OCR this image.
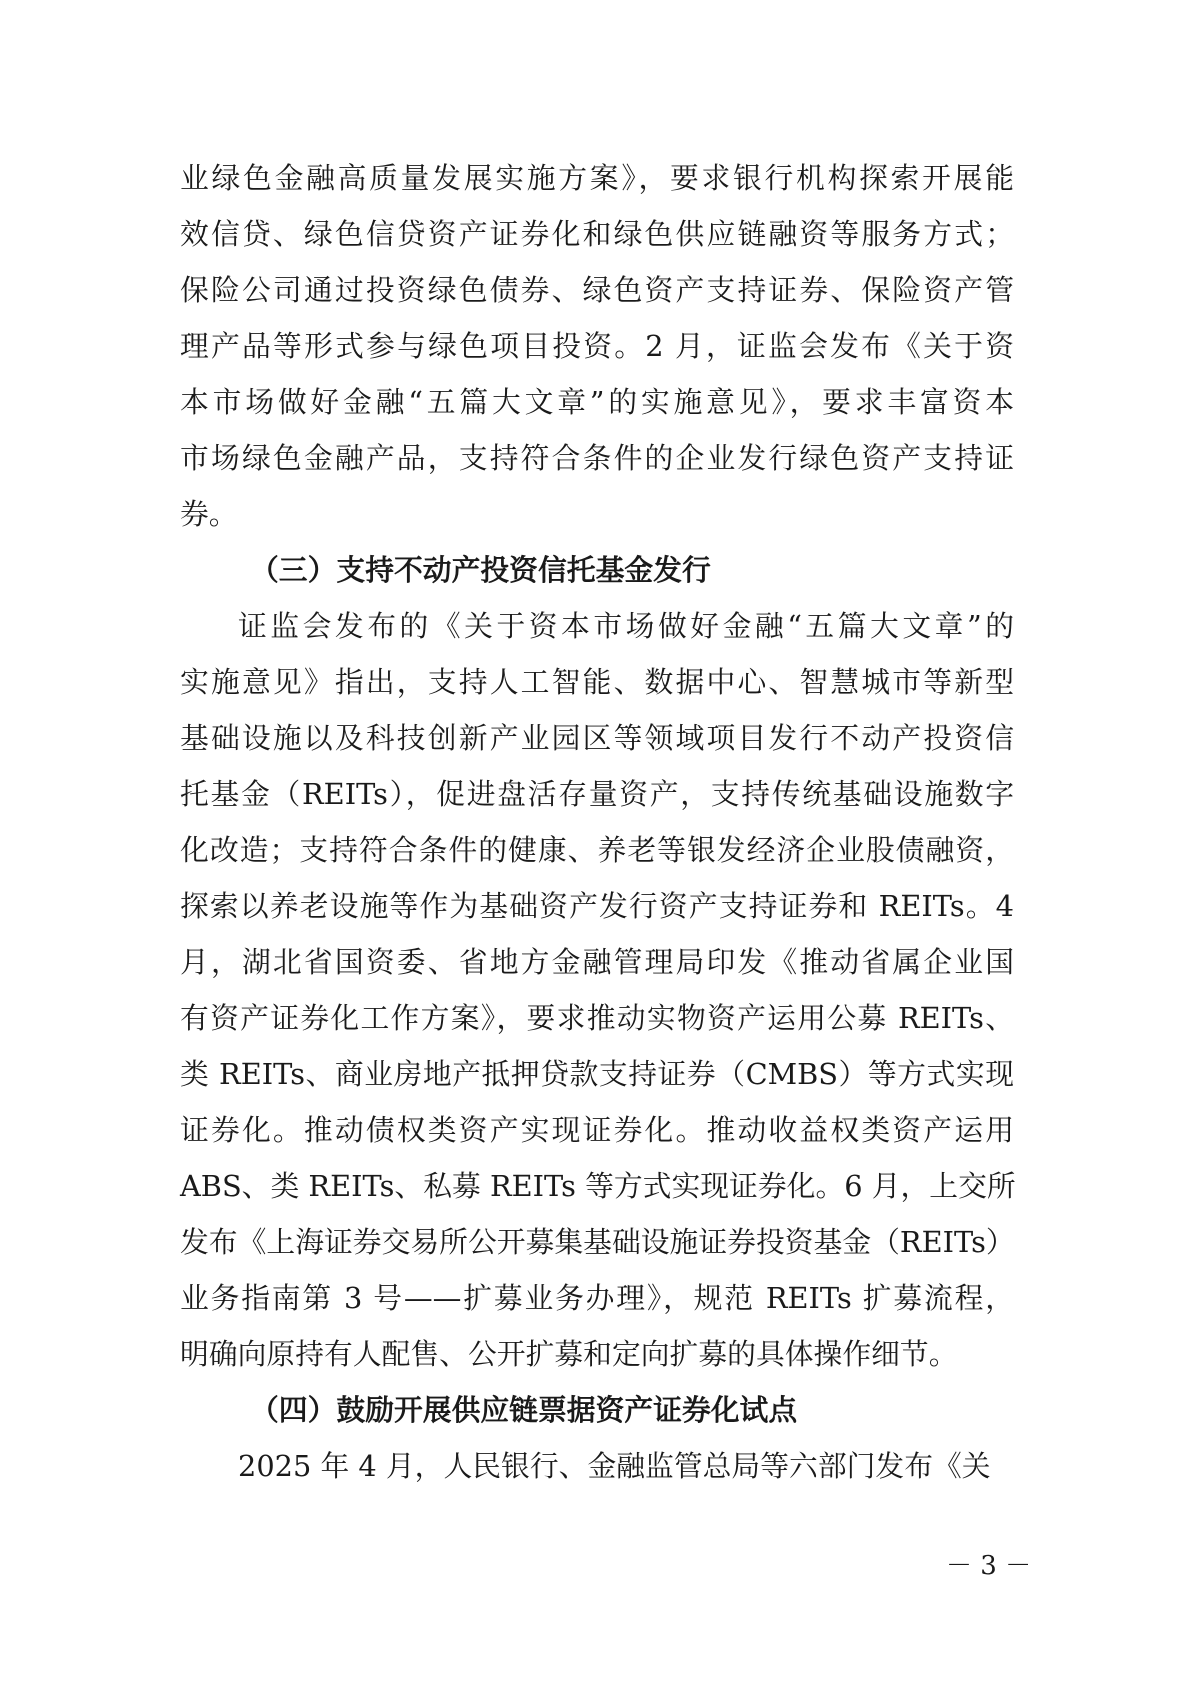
业绿色金融高质量发展实施方案》，要求银行机构探索开展能
效信贷、绿色信贷资产证券化和绿色供应链融资等服务方式；
保险公司通过投资绿色债券、绿色资产支持证券、保险资产管
理产品等形式参与绿色项目投资。2 月，证监会发布《关于资
本市场做好金融“五篇大文章”的实施意见》，要求丰富资本
市场绿色金融产品，支持符合条件的企业发行绿色资产支持证
券。
（三）支持不动产投资信托基金发行
证监会发布的《关于资本市场做好金融“五篇大文章”的
实施意见》指出，支持人工智能、数据中心、智慧城市等新型
基础设施以及科技创新产业园区等领域项目发行不动产投资信
托基金（REITs），促进盘活存量资产，支持传统基础设施数字
化改造；支持符合条件的健康、养老等银发经济企业股债融资，
探索以养老设施等作为基础资产发行资产支持证券和 REITs。4
月，湖北省国资委、省地方金融管理局印发《推动省属企业国
有资产证券化工作方案》，要求推动实物资产运用公募 REITs、
类 REITs、商业房地产抵押贷款支持证券（CMBS）等方式实现
证券化。推动债权类资产实现证券化。推动收益权类资产运用
ABS、类 REITs、私募 REITs 等方式实现证券化。6 月，上交所
发布《上海证券交易所公开募集基础设施证券投资基金（REITs）
业务指南第 3 号——扩募业务办理》，规范 REITs 扩募流程，
明确向原持有人配售、公开扩募和定向扩募的具体操作细节。
（四）鼓励开展供应链票据资产证券化试点
2025 年 4 月，人民银行、金融监管总局等六部门发布《关
－ 3 －
